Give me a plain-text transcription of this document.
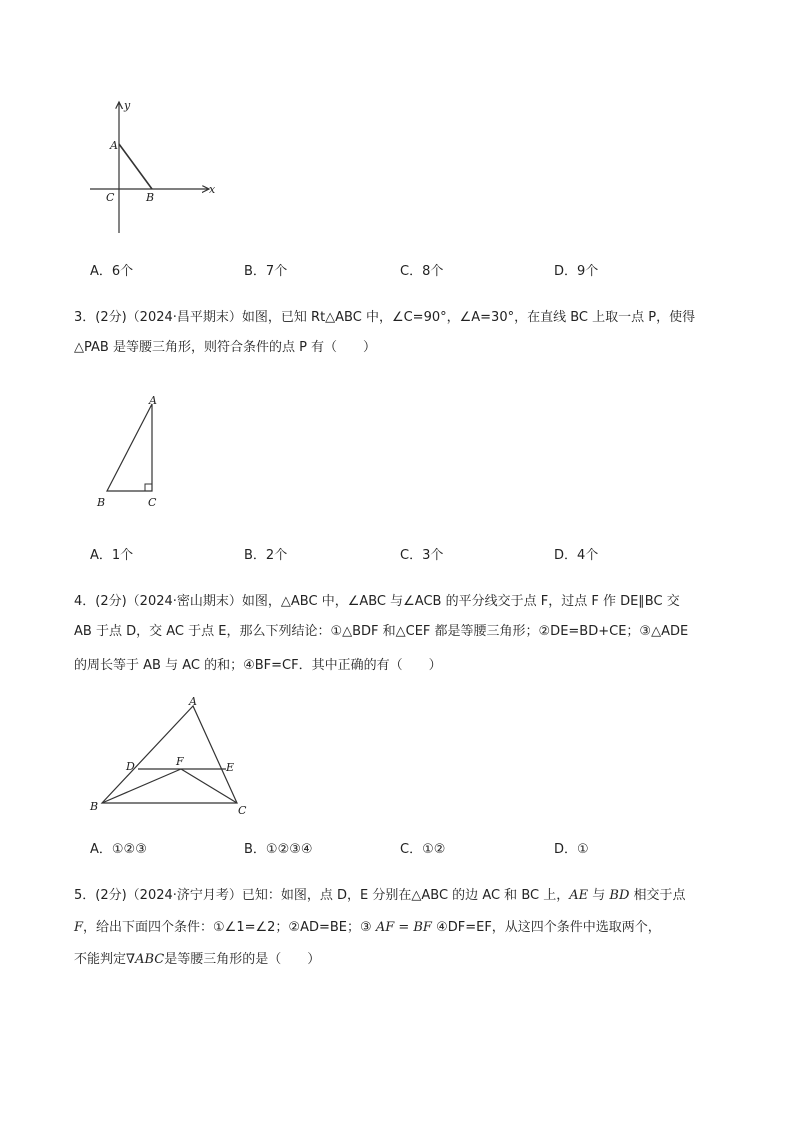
y
x
A
B
C
A．6个	B．7个	C．8个	D．9个
3．(2分)（2024·昌平期末）如图，已知 Rt△ABC 中，∠C=90°，∠A=30°，在直线 BC 上取一点 P，使得
△PAB 是等腰三角形，则符合条件的点 P 有（　　）
A
B	C
A．1个	B．2个	C．3个	D．4个
4．(2分)（2024·密山期末）如图，△ABC 中，∠ABC 与∠ACB 的平分线交于点 F，过点 F 作 DE∥BC 交
AB 于点 D，交 AC 于点 E，那么下列结论：①△BDF 和△CEF 都是等腰三角形；②DE=BD+CE；③△ADE
的周长等于 AB 与 AC 的和；④BF=CF．其中正确的有（　　）
A
B	C
D	E
F
A．①②③	B．①②③④	C．①②	D．①
5．(2分)（2024·济宁月考）已知：如图，点 D，E 分别在△ABC 的边 AC 和 BC 上，AE 与 BD 相交于点
F，给出下面四个条件：①∠1=∠2；②AD=BE；③ AF = BF ④DF=EF，从这四个条件中选取两个，
不能判定∇ABC是等腰三角形的是（　　）
